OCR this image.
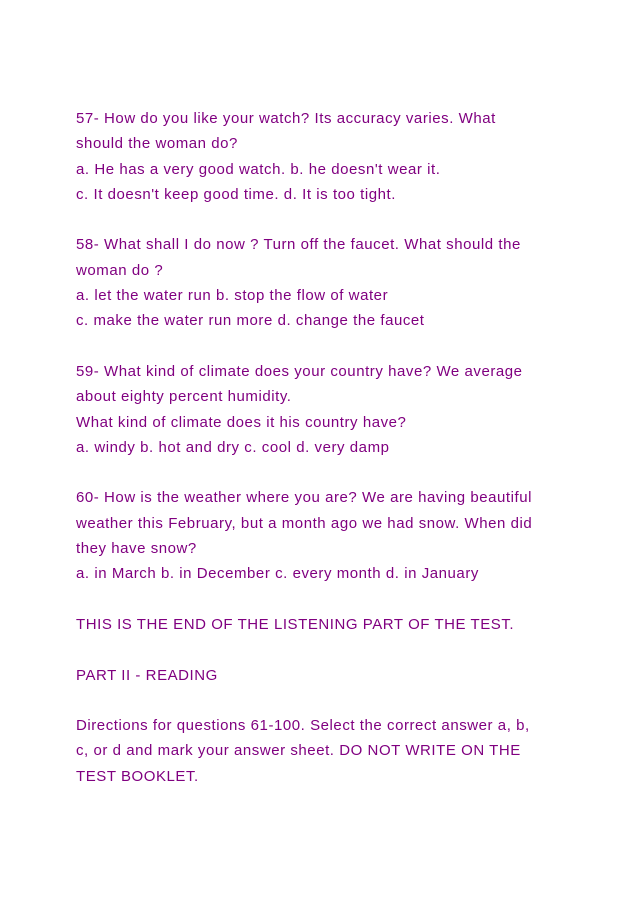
57- How do you like your watch? Its accuracy varies. What
should the woman do?
a. He has a very good watch. b. he doesn't wear it.
c. It doesn't keep good time. d. It is too tight.
58- What shall I do now ? Turn off the faucet. What should the
woman do ?
a. let the water run b. stop the flow of water
c. make the water run more d. change the faucet
59- What kind of climate does your country have? We average
about eighty percent humidity.
What kind of climate does it his country have?
a. windy b. hot and dry c. cool d. very damp
60- How is the weather where you are? We are having beautiful
weather this February, but a month ago we had snow. When did
they have snow?
a. in March b. in December c. every month d. in January
THIS IS THE END OF THE LISTENING PART OF THE TEST.
PART II - READING
Directions for questions 61-100. Select the correct answer a, b,
c, or d and mark your answer sheet. DO NOT WRITE ON THE
TEST BOOKLET.
